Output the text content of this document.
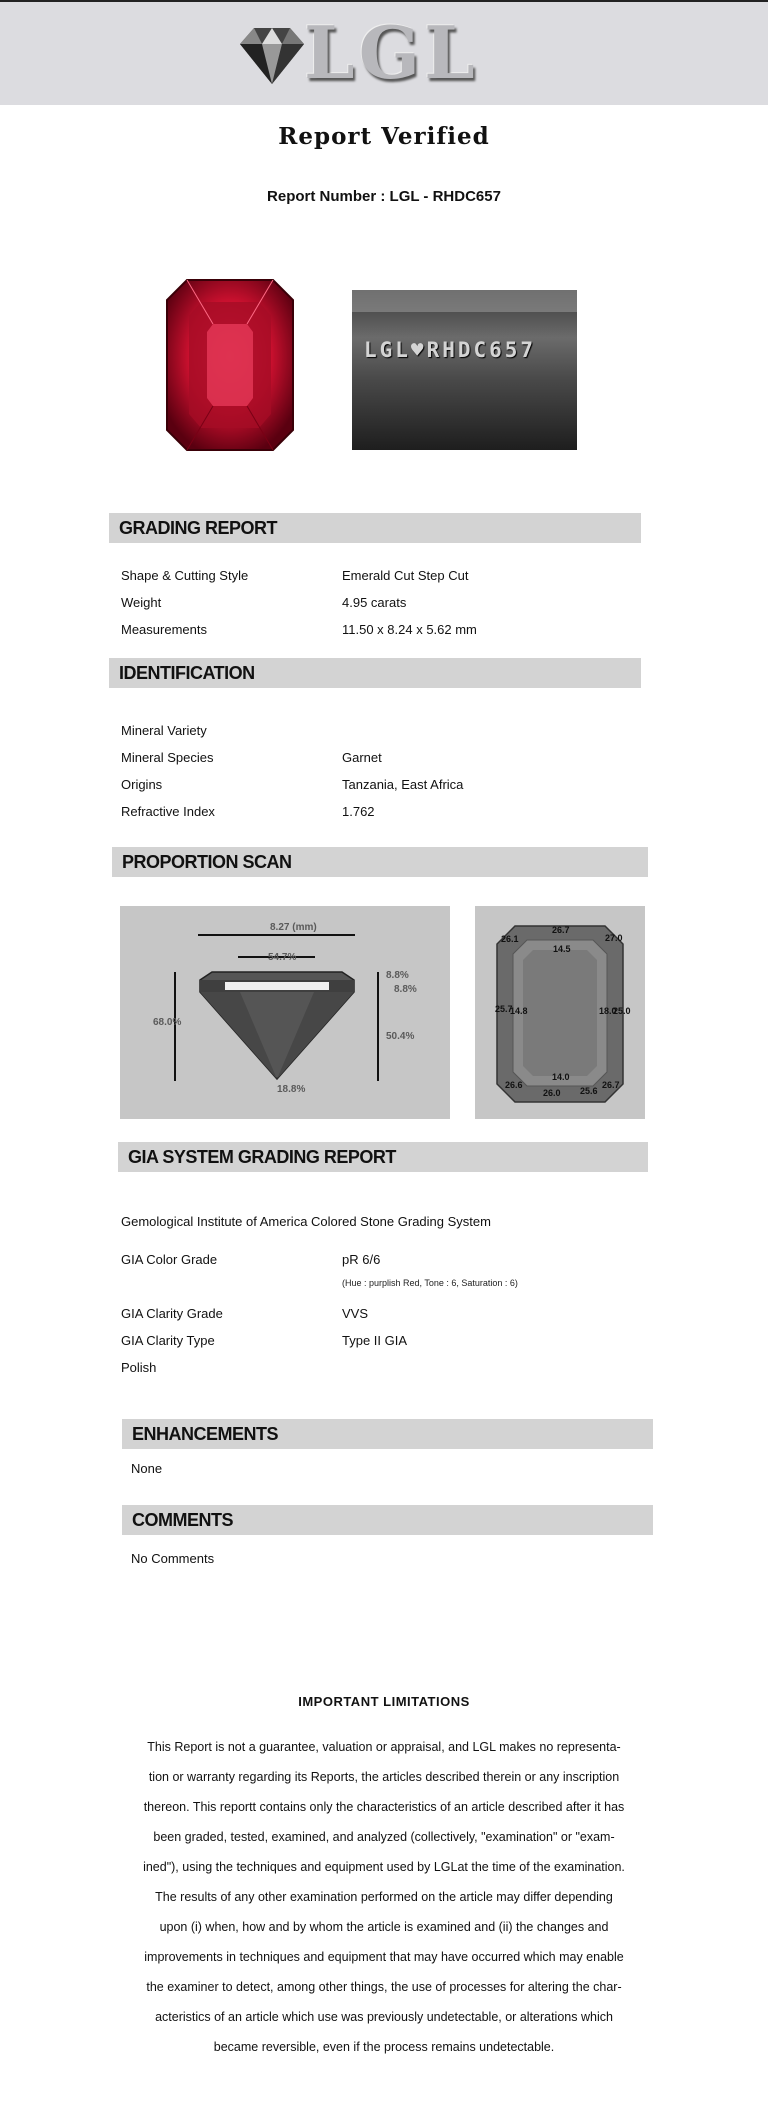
LGL
Report Verified
Report Number : LGL - RHDC657
LGL♥RHDC657
GRADING REPORT
Shape & Cutting Style	Emerald Cut Step Cut
Weight	4.95 carats
Measurements	11.50 x 8.24 x 5.62 mm
IDENTIFICATION
Mineral Variety
Mineral Species	Garnet
Origins	Tanzania, East Africa
Refractive Index	1.762
PROPORTION SCAN
8.27 (mm)
54.7%
8.8%
8.8%
68.0%
50.4%
18.8%
26.1
26.7
27.0
14.5
25.7
14.8	18.0
25.0
14.0
26.6
26.0 25.6
26.7
GIA SYSTEM GRADING REPORT
Gemological Institute of America Colored Stone Grading System
GIA Color Grade	pR 6/6
(Hue : purplish Red, Tone : 6, Saturation : 6)
GIA Clarity Grade	VVS
GIA Clarity Type	Type II GIA
Polish
ENHANCEMENTS
None
COMMENTS
No Comments
IMPORTANT LIMITATIONS
This Report is not a guarantee, valuation or appraisal, and LGL makes no representa-
tion or warranty regarding its Reports, the articles described therein or any inscription
thereon. This reportt contains only the characteristics of an article described after it has
been graded, tested, examined, and analyzed (collectively, "examination" or "exam-
ined"), using the techniques and equipment used by LGLat the time of the examination.
The results of any other examination performed on the article may differ depending
upon (i) when, how and by whom the article is examined and (ii) the changes and
improvements in techniques and equipment that may have occurred which may enable
the examiner to detect, among other things, the use of processes for altering the char-
acteristics of an article which use was previously undetectable, or alterations which
became reversible, even if the process remains undetectable.
